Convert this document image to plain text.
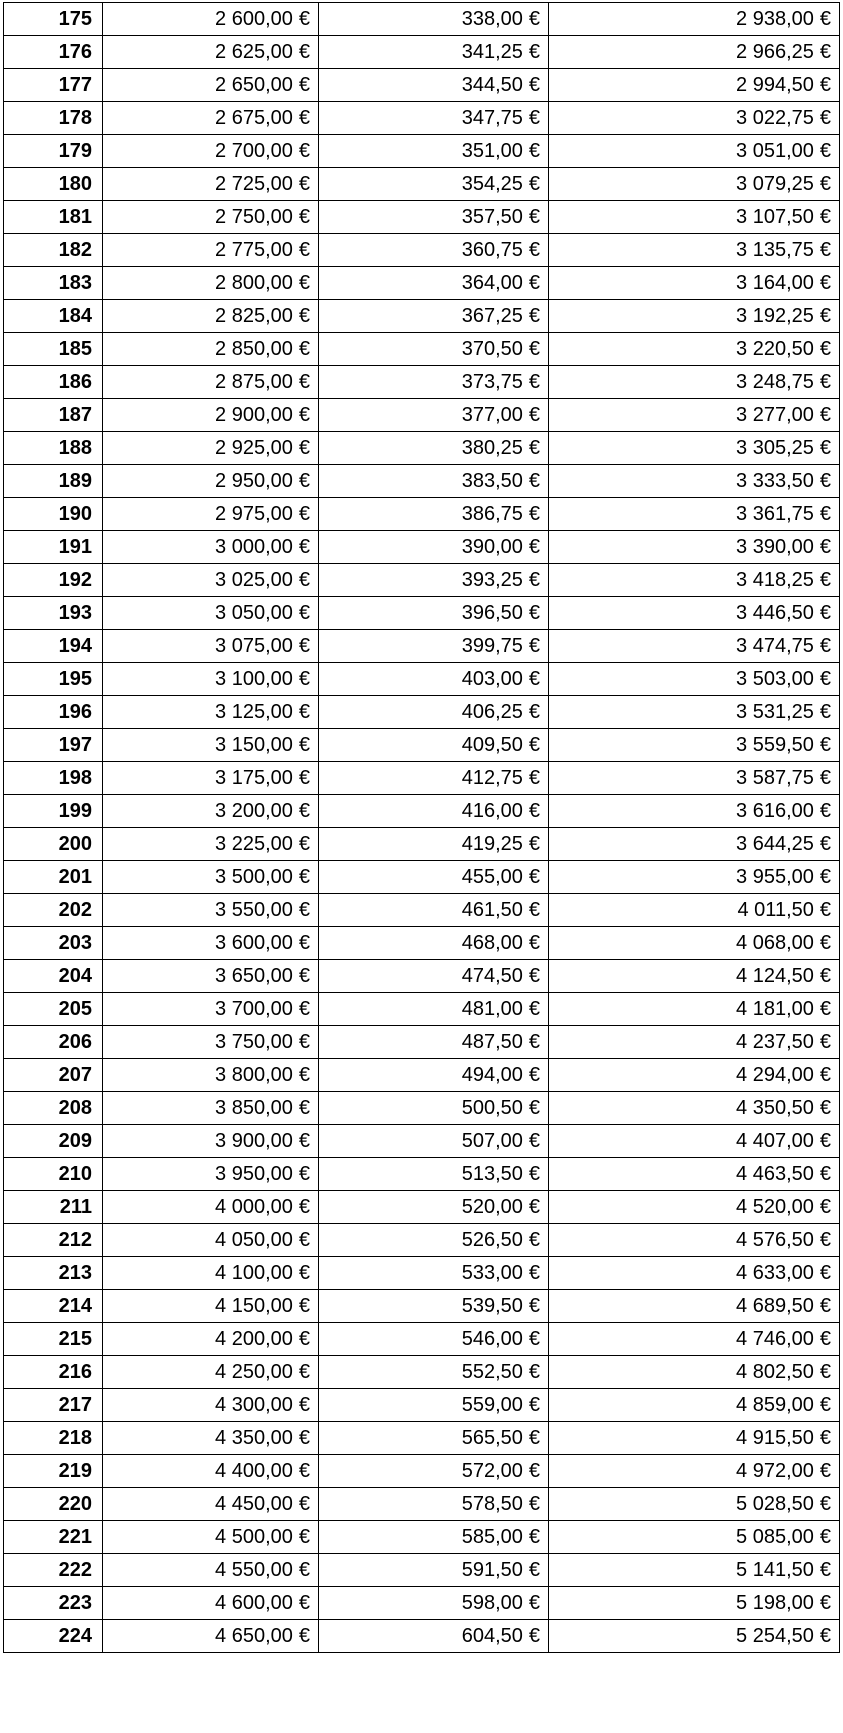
175	2 600,00 €	338,00 €	2 938,00 €
176	2 625,00 €	341,25 €	2 966,25 €
177	2 650,00 €	344,50 €	2 994,50 €
178	2 675,00 €	347,75 €	3 022,75 €
179	2 700,00 €	351,00 €	3 051,00 €
180	2 725,00 €	354,25 €	3 079,25 €
181	2 750,00 €	357,50 €	3 107,50 €
182	2 775,00 €	360,75 €	3 135,75 €
183	2 800,00 €	364,00 €	3 164,00 €
184	2 825,00 €	367,25 €	3 192,25 €
185	2 850,00 €	370,50 €	3 220,50 €
186	2 875,00 €	373,75 €	3 248,75 €
187	2 900,00 €	377,00 €	3 277,00 €
188	2 925,00 €	380,25 €	3 305,25 €
189	2 950,00 €	383,50 €	3 333,50 €
190	2 975,00 €	386,75 €	3 361,75 €
191	3 000,00 €	390,00 €	3 390,00 €
192	3 025,00 €	393,25 €	3 418,25 €
193	3 050,00 €	396,50 €	3 446,50 €
194	3 075,00 €	399,75 €	3 474,75 €
195	3 100,00 €	403,00 €	3 503,00 €
196	3 125,00 €	406,25 €	3 531,25 €
197	3 150,00 €	409,50 €	3 559,50 €
198	3 175,00 €	412,75 €	3 587,75 €
199	3 200,00 €	416,00 €	3 616,00 €
200	3 225,00 €	419,25 €	3 644,25 €
201	3 500,00 €	455,00 €	3 955,00 €
202	3 550,00 €	461,50 €	4 011,50 €
203	3 600,00 €	468,00 €	4 068,00 €
204	3 650,00 €	474,50 €	4 124,50 €
205	3 700,00 €	481,00 €	4 181,00 €
206	3 750,00 €	487,50 €	4 237,50 €
207	3 800,00 €	494,00 €	4 294,00 €
208	3 850,00 €	500,50 €	4 350,50 €
209	3 900,00 €	507,00 €	4 407,00 €
210	3 950,00 €	513,50 €	4 463,50 €
211	4 000,00 €	520,00 €	4 520,00 €
212	4 050,00 €	526,50 €	4 576,50 €
213	4 100,00 €	533,00 €	4 633,00 €
214	4 150,00 €	539,50 €	4 689,50 €
215	4 200,00 €	546,00 €	4 746,00 €
216	4 250,00 €	552,50 €	4 802,50 €
217	4 300,00 €	559,00 €	4 859,00 €
218	4 350,00 €	565,50 €	4 915,50 €
219	4 400,00 €	572,00 €	4 972,00 €
220	4 450,00 €	578,50 €	5 028,50 €
221	4 500,00 €	585,00 €	5 085,00 €
222	4 550,00 €	591,50 €	5 141,50 €
223	4 600,00 €	598,00 €	5 198,00 €
224	4 650,00 €	604,50 €	5 254,50 €
